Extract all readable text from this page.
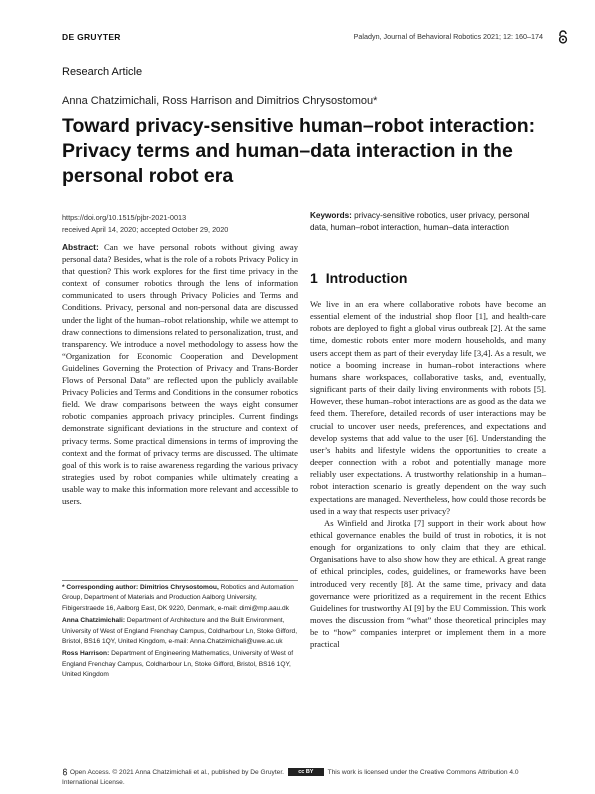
DE GRUYTER	Paladyn, Journal of Behavioral Robotics 2021; 12: 160–174
Research Article
Anna Chatzimichali, Ross Harrison and Dimitrios Chrysostomou*
Toward privacy-sensitive human–robot interaction: Privacy terms and human–data interaction in the personal robot era
https://doi.org/10.1515/pjbr-2021-0013
received April 14, 2020; accepted October 29, 2020
Abstract: Can we have personal robots without giving away personal data? Besides, what is the role of a robots Privacy Policy in that question? This work explores for the first time privacy in the context of consumer robotics through the lens of information communicated to users through Privacy Policies and Terms and Conditions. Privacy, personal and non-personal data are discussed under the light of the human–robot relationship, while we attempt to draw connections to dimensions related to personalization, trust, and transparency. We introduce a novel methodology to assess how the “Organization for Economic Cooperation and Development Guidelines Governing the Protection of Privacy and Trans-Border Flows of Personal Data” are reflected upon the publicly available Privacy Policies and Terms and Conditions in the consumer robotics field. We draw comparisons between the ways eight consumer robotic companies approach privacy principles. Current findings demonstrate significant deviations in the structure and context of privacy terms. Some practical dimensions in terms of improving the context and the format of privacy terms are discussed. The ultimate goal of this work is to raise awareness regarding the various privacy strategies used by robot companies while ultimately creating a usable way to make this information more relevant and accessible to users.

* Corresponding author: Dimitrios Chrysostomou, Robotics and Automation Group, Department of Materials and Production Aalborg University, Fibigerstraede 16, Aalborg East, DK 9220, Denmark, e-mail: dimi@mp.aau.dk

Anna Chatzimichali: Department of Architecture and the Built Environment, University of West of England Frenchay Campus, Coldharbour Ln, Stoke Gifford, Bristol, BS16 1QY, United Kingdom, e-mail: Anna.Chatzimichali@uwe.ac.uk

Ross Harrison: Department of Engineering Mathematics, University of West of England Frenchay Campus, Coldharbour Ln, Stoke Gifford, Bristol, BS16 1QY, United Kingdom

Keywords: privacy-sensitive robotics, user privacy, personal data, human–robot interaction, human–data interaction
1 Introduction

We live in an era where collaborative robots have become an essential element of the industrial shop floor [1], and health-care robots are deployed to fight a global virus outbreak [2]. At the same time, domestic robots enter more modern households, and many users accept them as part of their everyday life [3,4]. As a result, we notice a booming increase in human–robot interactions where humans share workspaces, collaborative tasks, and, eventually, significant parts of their daily living environments with robots [5]. However, these human–robot interactions are as good as the data we feed them. Therefore, detailed records of user interactions may be crucial to uncover user needs, preferences, and expectations and develop systems that add value to the user [6]. Understanding the user’s habits and lifestyle widens the opportunities to create a deeper connection with a robot and potentially manage more reliably user expectations. A trustworthy relationship in a human–robot interaction scenario is greatly dependent on the way such expectations are managed. Nevertheless, how could those records be used in a way that respects user privacy?

As Winfield and Jirotka [7] support in their work about how ethical governance enables the build of trust in robotics, it is not enough for organizations to only claim that they are ethical. Organisations have to also show how they are ethical. A great range of ethical principles, codes, guidelines, or frameworks have been introduced very recently [8]. At the same time, privacy and data governance were prioritized as a requirement in the recent Ethics Guidelines for trustworthy AI [9] by the EU Commission. This work moves the discussion from “what” those theoretical principles may be to “how” companies interpret or implement them in a more practical

Open Access. © 2021 Anna Chatzimichali et al., published by De Gruyter.	cc BY This work is licensed under the Creative Commons Attribution 4.0 International License.
